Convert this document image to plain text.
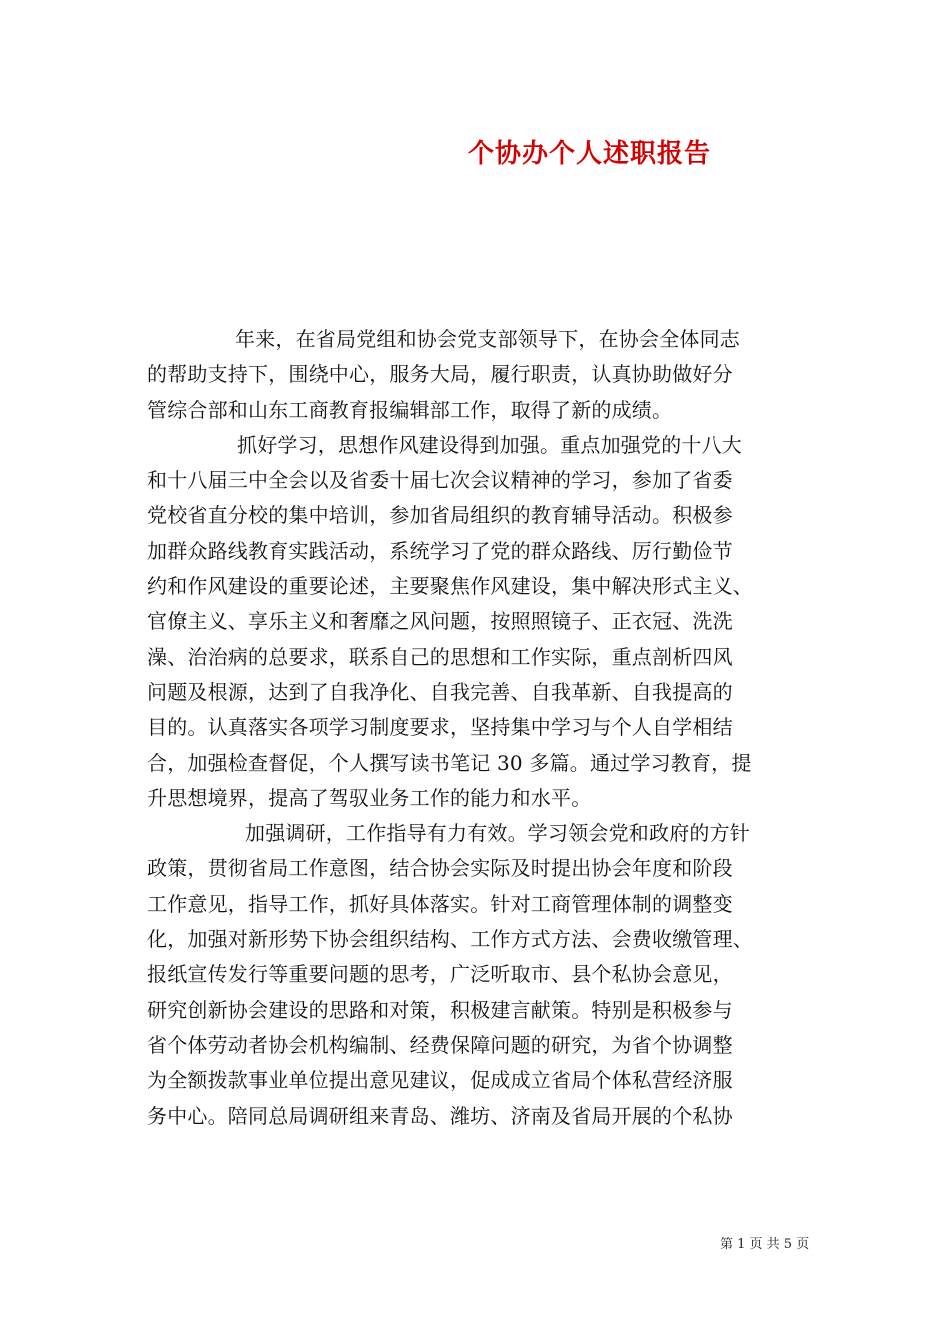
个协办个人述职报告
年来，在省局党组和协会党支部领导下，在协会全体同志
的帮助支持下，围绕中心，服务大局，履行职责，认真协助做好分
管综合部和山东工商教育报编辑部工作，取得了新的成绩。
抓好学习，思想作风建设得到加强。重点加强党的十八大
和十八届三中全会以及省委十届七次会议精神的学习，参加了省委
党校省直分校的集中培训，参加省局组织的教育辅导活动。积极参
加群众路线教育实践活动，系统学习了党的群众路线、厉行勤俭节
约和作风建设的重要论述，主要聚焦作风建设，集中解决形式主义、
官僚主义、享乐主义和奢靡之风问题，按照照镜子、正衣冠、洗洗
澡、治治病的总要求，联系自己的思想和工作实际，重点剖析四风
问题及根源，达到了自我净化、自我完善、自我革新、自我提高的
目的。认真落实各项学习制度要求，坚持集中学习与个人自学相结
合，加强检查督促，个人撰写读书笔记 30 多篇。通过学习教育，提
升思想境界，提高了驾驭业务工作的能力和水平。
加强调研，工作指导有力有效。学习领会党和政府的方针
政策，贯彻省局工作意图，结合协会实际及时提出协会年度和阶段
工作意见，指导工作，抓好具体落实。针对工商管理体制的调整变
化，加强对新形势下协会组织结构、工作方式方法、会费收缴管理、
报纸宣传发行等重要问题的思考，广泛听取市、县个私协会意见，
研究创新协会建设的思路和对策，积极建言献策。特别是积极参与
省个体劳动者协会机构编制、经费保障问题的研究，为省个协调整
为全额拨款事业单位提出意见建议，促成成立省局个体私营经济服
务中心。陪同总局调研组来青岛、潍坊、济南及省局开展的个私协
第 1 页 共 5 页
